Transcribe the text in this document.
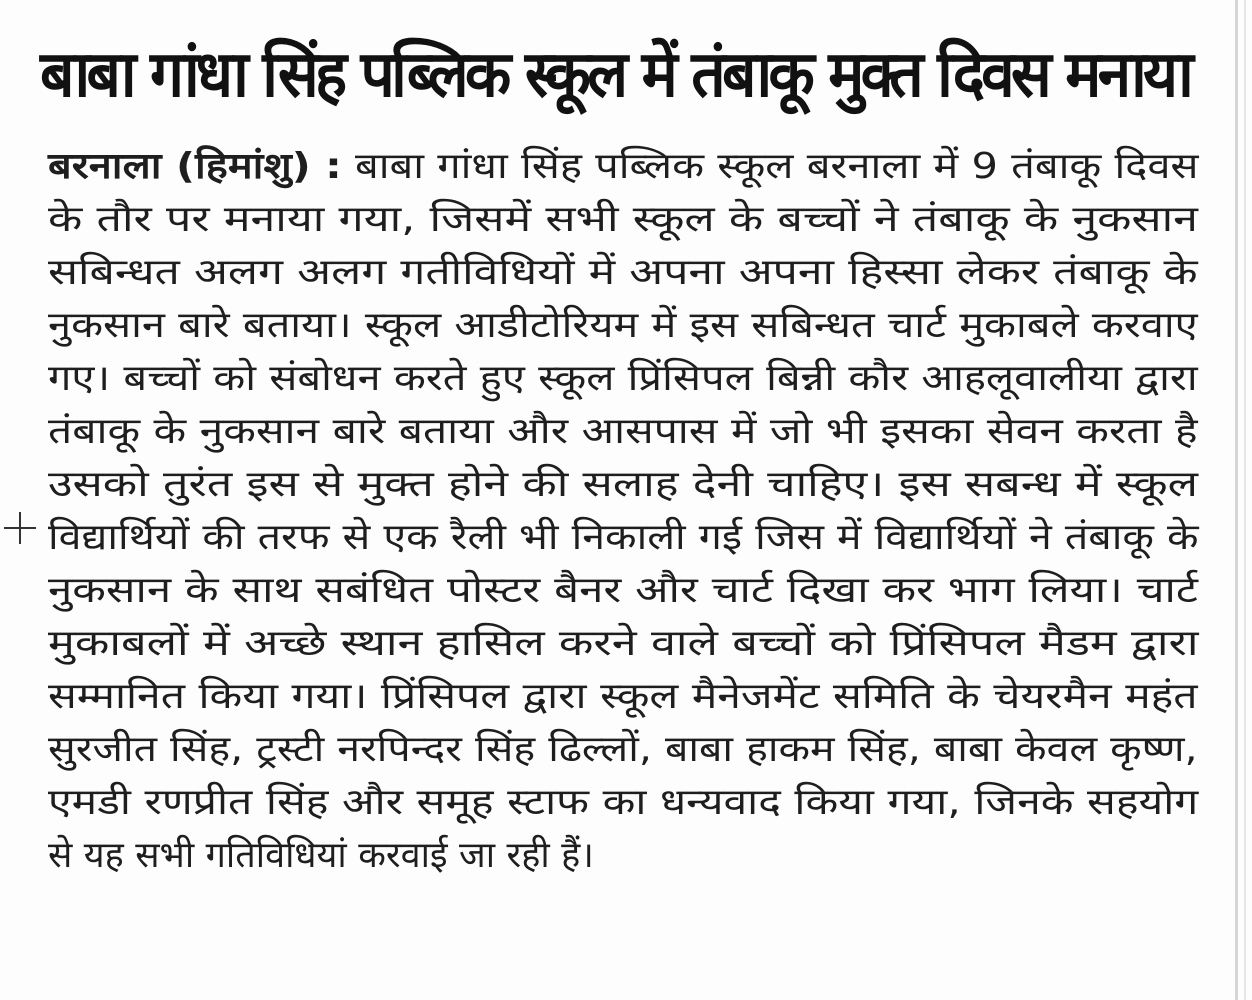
बाबा गांधा सिंह पब्लिक स्कूल में तंबाकू मुक्त दिवस मनाया
बरनाला (हिमांशु) : बाबा गांधा सिंह पब्लिक स्कूल बरनाला में 9 तंबाकू दिवस
के तौर पर मनाया गया, जिसमें सभी स्कूल के बच्चों ने तंबाकू के नुकसान
सबिन्धत अलग अलग गतीविधियों में अपना अपना हिस्सा लेकर तंबाकू के
नुकसान बारे बताया। स्कूल आडीटोरियम में इस सबिन्धत चार्ट मुकाबले करवाए
गए। बच्चों को संबोधन करते हुए स्कूल प्रिंसिपल बिन्नी कौर आहलूवालीया द्वारा
तंबाकू के नुकसान बारे बताया और आसपास में जो भी इसका सेवन करता है
उसको तुरंत इस से मुक्त होने की सलाह देनी चाहिए। इस सबन्ध में स्कूल
विद्यार्थियों की तरफ से एक रैली भी निकाली गई जिस में विद्यार्थियों ने तंबाकू के
नुकसान के साथ सबंधित पोस्टर बैनर और चार्ट दिखा कर भाग लिया। चार्ट
मुकाबलों में अच्छे स्थान हासिल करने वाले बच्चों को प्रिंसिपल मैडम द्वारा
सम्मानित किया गया। प्रिंसिपल द्वारा स्कूल मैनेजमेंट समिति के चेयरमैन महंत
सुरजीत सिंह, ट्रस्टी नरपिन्दर सिंह ढिल्लों, बाबा हाकम सिंह, बाबा केवल कृष्ण,
एमडी रणप्रीत सिंह और समूह स्टाफ का धन्यवाद किया गया, जिनके सहयोग
से यह सभी गतिविधियां करवाई जा रही हैं।
